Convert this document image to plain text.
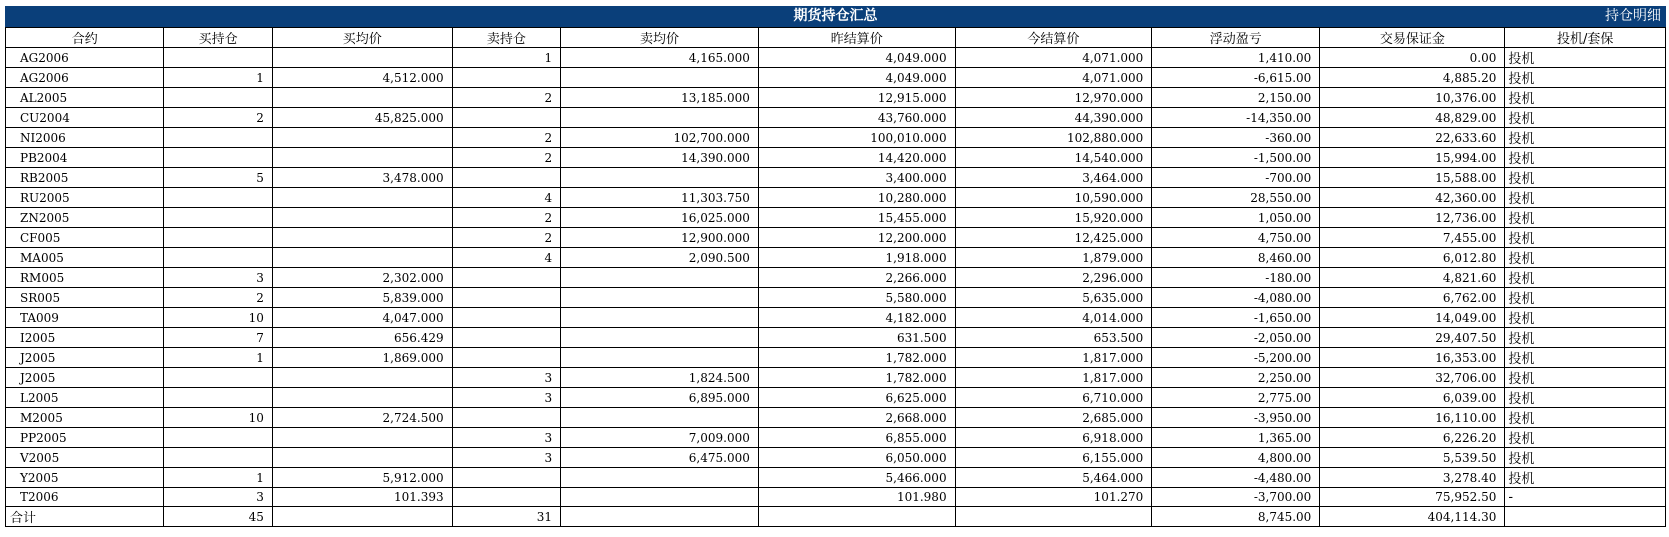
期货持仓汇总	持仓明细
合约	买持仓	买均价	卖持仓	卖均价	昨结算价	今结算价	浮动盈亏	交易保证金	投机/套保
AG2006			1	4,165.000	4,049.000	4,071.000	1,410.00	0.00	投机
AG2006	1	4,512.000			4,049.000	4,071.000	-6,615.00	4,885.20	投机
AL2005			2	13,185.000	12,915.000	12,970.000	2,150.00	10,376.00	投机
CU2004	2	45,825.000			43,760.000	44,390.000	-14,350.00	48,829.00	投机
NI2006			2	102,700.000	100,010.000	102,880.000	-360.00	22,633.60	投机
PB2004			2	14,390.000	14,420.000	14,540.000	-1,500.00	15,994.00	投机
RB2005	5	3,478.000			3,400.000	3,464.000	-700.00	15,588.00	投机
RU2005			4	11,303.750	10,280.000	10,590.000	28,550.00	42,360.00	投机
ZN2005			2	16,025.000	15,455.000	15,920.000	1,050.00	12,736.00	投机
CF005			2	12,900.000	12,200.000	12,425.000	4,750.00	7,455.00	投机
MA005			4	2,090.500	1,918.000	1,879.000	8,460.00	6,012.80	投机
RM005	3	2,302.000			2,266.000	2,296.000	-180.00	4,821.60	投机
SR005	2	5,839.000			5,580.000	5,635.000	-4,080.00	6,762.00	投机
TA009	10	4,047.000			4,182.000	4,014.000	-1,650.00	14,049.00	投机
I2005	7	656.429			631.500	653.500	-2,050.00	29,407.50	投机
J2005	1	1,869.000			1,782.000	1,817.000	-5,200.00	16,353.00	投机
J2005			3	1,824.500	1,782.000	1,817.000	2,250.00	32,706.00	投机
L2005			3	6,895.000	6,625.000	6,710.000	2,775.00	6,039.00	投机
M2005	10	2,724.500			2,668.000	2,685.000	-3,950.00	16,110.00	投机
PP2005			3	7,009.000	6,855.000	6,918.000	1,365.00	6,226.20	投机
V2005			3	6,475.000	6,050.000	6,155.000	4,800.00	5,539.50	投机
Y2005	1	5,912.000			5,466.000	5,464.000	-4,480.00	3,278.40	投机
T2006	3	101.393			101.980	101.270	-3,700.00	75,952.50	-
合计	45		31				8,745.00	404,114.30	
